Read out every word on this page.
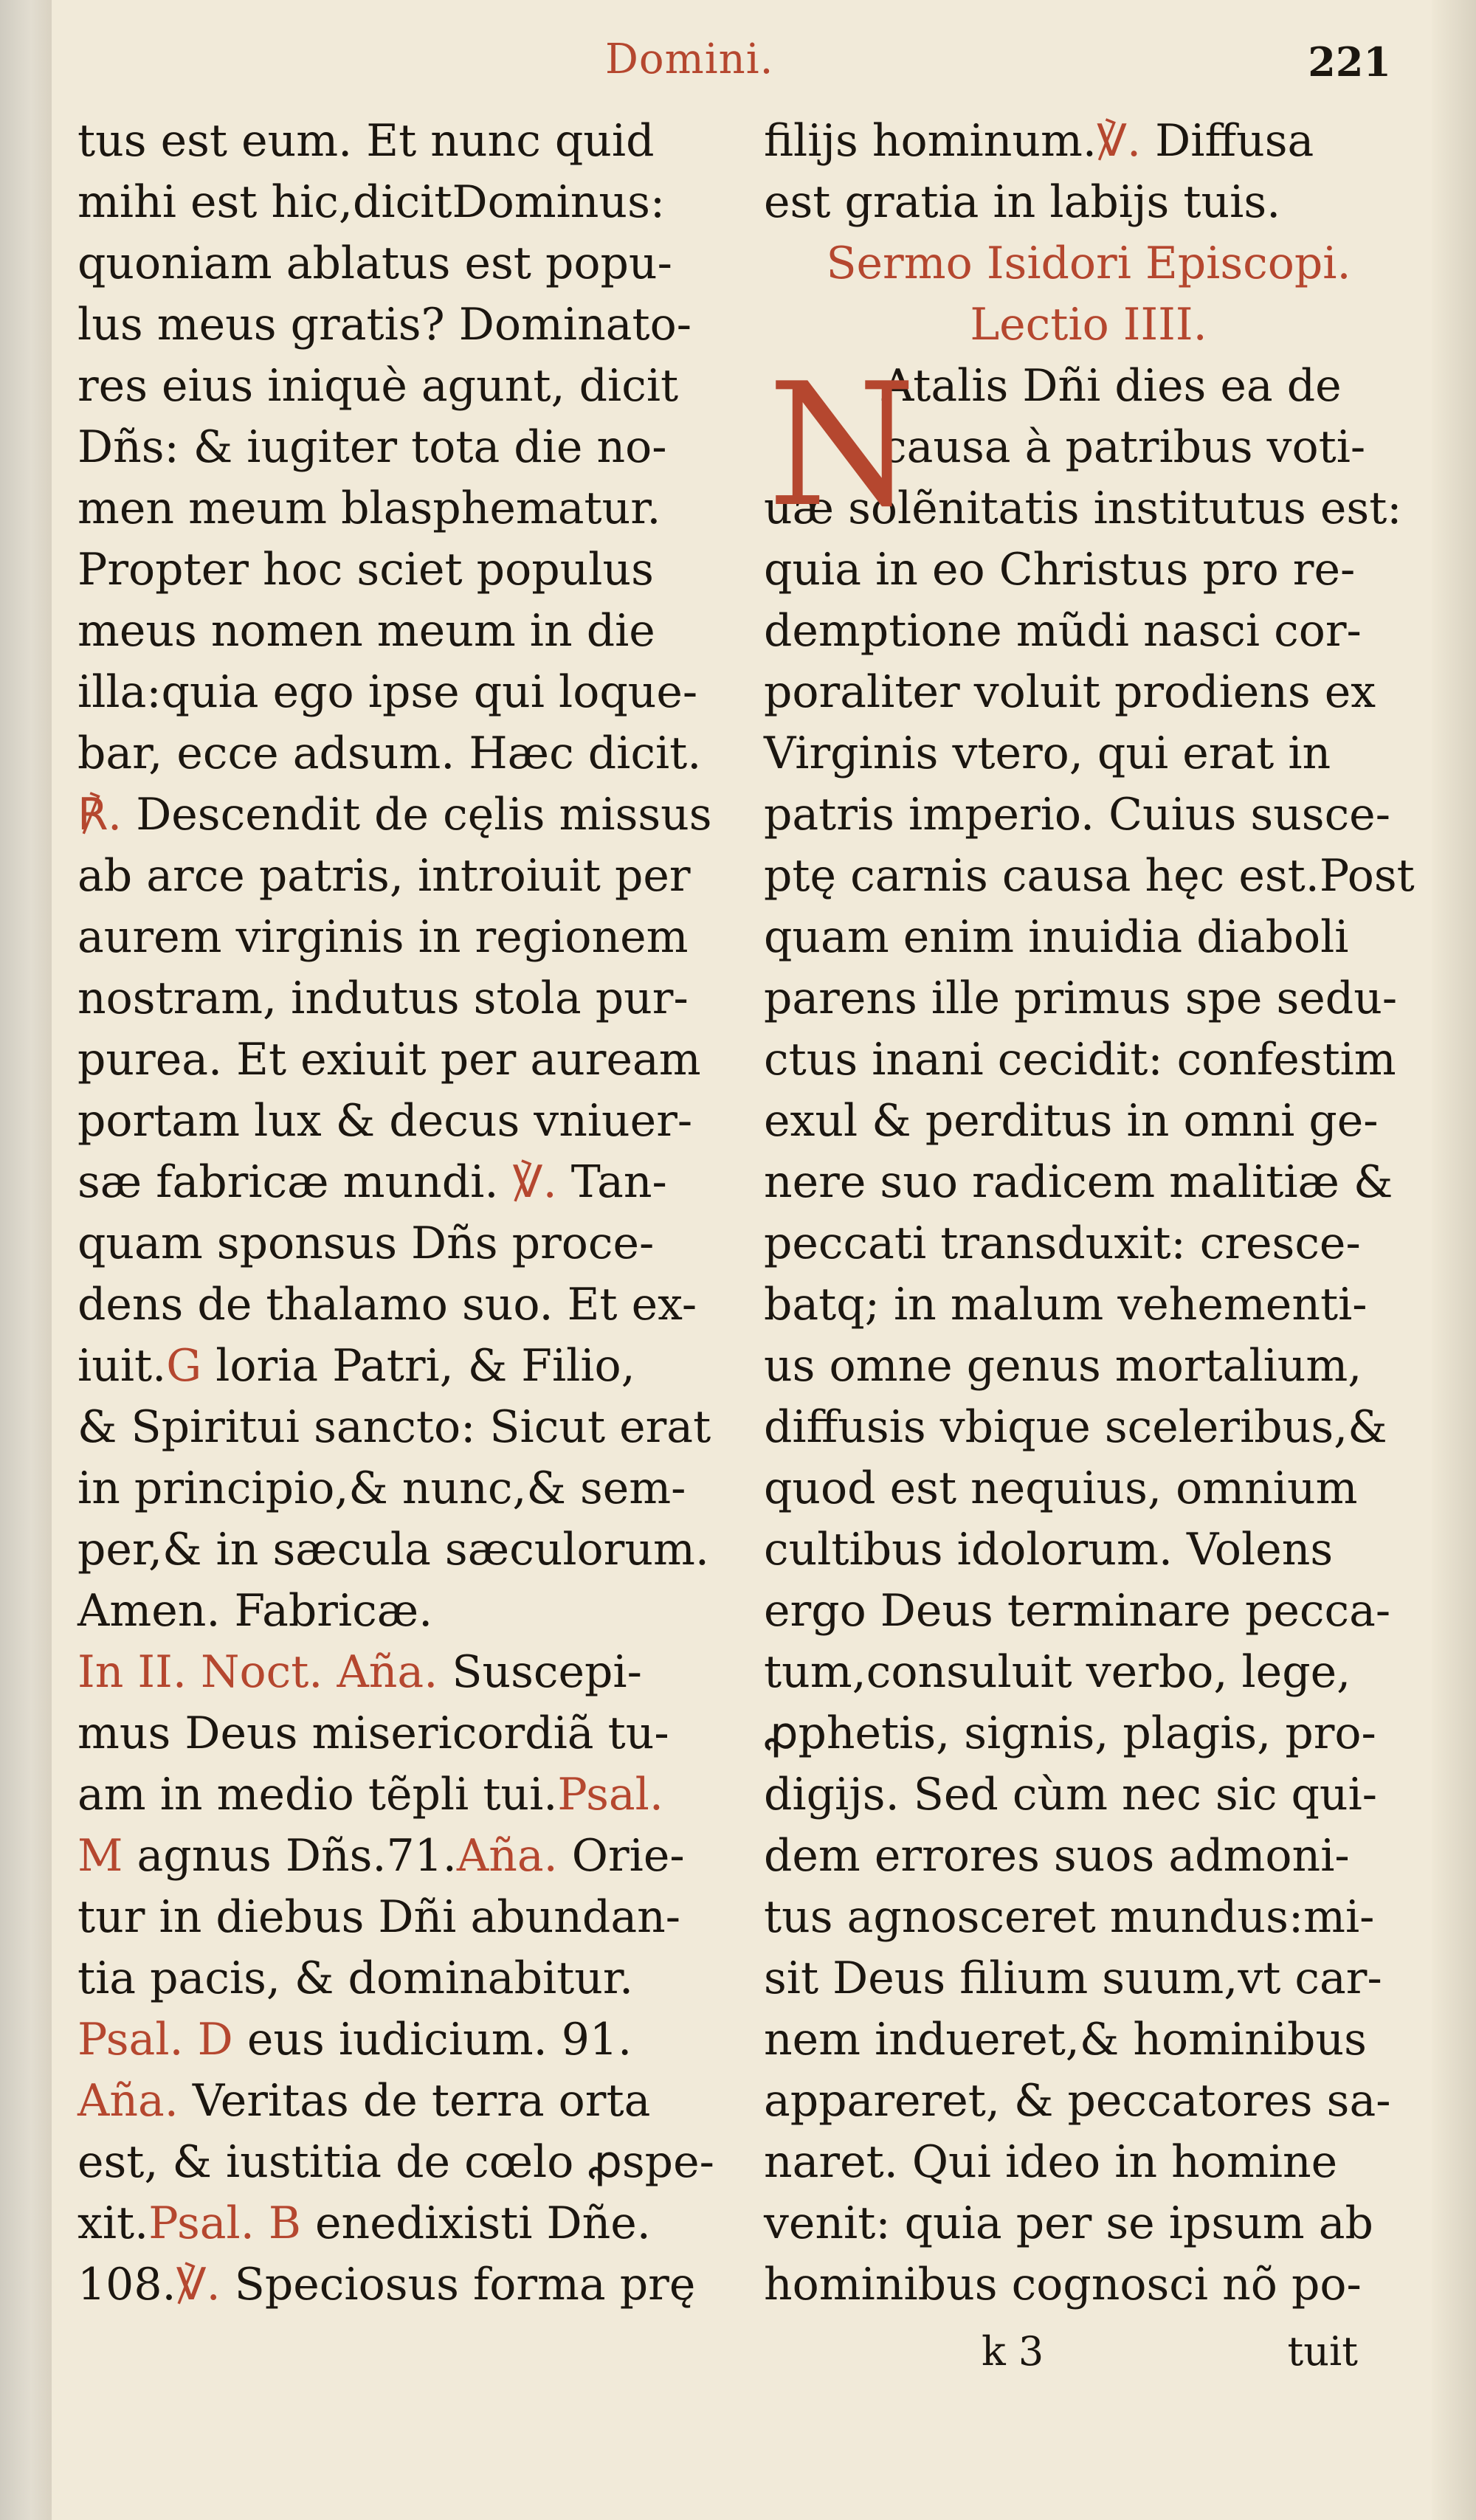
Domini.	221
tus est eum. Et nunc quid
mihi est hic,dicitDominus:
quoniam ablatus est popu-
lus meus gratis? Dominato-
res eius iniquè agunt, dicit
Dñs: & iugiter tota die no-
men meum blasphematur.
Propter hoc sciet populus
meus nomen meum in die
illa:quia ego ipse qui loque-
bar, ecce adsum. Hæc dicit.
℟. Descendit de cęlis missus
ab arce patris, introiuit per
aurem virginis in regionem
nostram, indutus stola pur-
purea. Et exiuit per auream
portam lux & decus vniuer-
sæ fabricæ mundi. ℣. Tan-
quam sponsus Dñs proce-
dens de thalamo suo. Et ex-
iuit.G loria Patri, & Filio,
& Spiritui sancto: Sicut erat
in principio,& nunc,& sem-
per,& in sæcula sæculorum.
Amen. Fabricæ.
In II. Noct. Aña. Suscepi-
mus Deus misericordiã tu-
am in medio tẽpli tui.Psal.
M agnus Dñs.71.Aña. Orie-
tur in diebus Dñi abundan-
tia pacis, & dominabitur.
Psal. D eus iudicium. 91.
Aña. Veritas de terra orta
est, & iustitia de cœlo ꝓspe-
xit.Psal. B enedixisti Dñe.
108.℣. Speciosus forma prę
filijs hominum.℣. Diffusa
est gratia in labijs tuis.
Sermo Isidori Episcopi.
Lectio IIII.
Atalis Dñi dies ea de
causa à patribus voti-
uæ solẽnitatis institutus est:
quia in eo Christus pro re-
demptione mũdi nasci cor-
poraliter voluit prodiens ex
Virginis vtero, qui erat in
patris imperio. Cuius susce-
ptę carnis causa hęc est.Post
quam enim inuidia diaboli
parens ille primus spe sedu-
ctus inani cecidit: confestim
exul & perditus in omni ge-
nere suo radicem malitiæ &
peccati transduxit: cresce-
batq; in malum vehementi-
us omne genus mortalium,
diffusis vbique sceleribus,&
quod est nequius, omnium
cultibus idolorum. Volens
ergo Deus terminare pecca-
tum,consuluit verbo, lege,
ꝓphetis, signis, plagis, pro-
digijs. Sed cùm nec sic qui-
dem errores suos admoni-
tus agnosceret mundus:mi-
sit Deus filium suum,vt car-
nem indueret,& hominibus
appareret, & peccatores sa-
naret. Qui ideo in homine
venit: quia per se ipsum ab
hominibus cognosci nõ po-
N
k 3	tuit
